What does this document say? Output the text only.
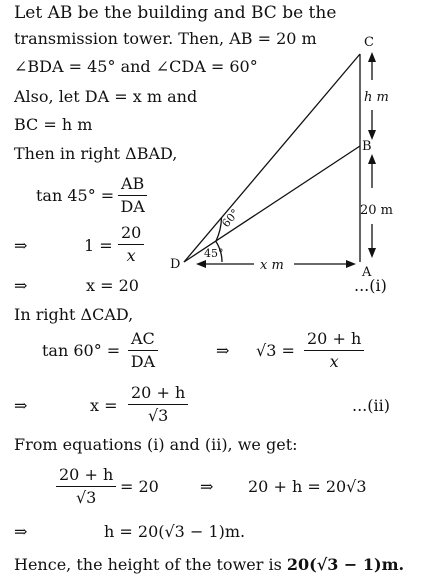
Let AB be the building and BC be the
transmission tower. Then, AB = 20 m
∠BDA = 45° and ∠CDA = 60°
Also, let DA = x m and
BC = h m
Then in right ΔBAD,
$\tan 45^\circ = \frac{AB}{DA}$
⇒	$1 = \frac{20}{x}$
⇒	x = 20	...(i)
In right ΔCAD,
$\tan 60^\circ = \frac{AC}{DA}$	⇒ $√3 = \frac{20 + h}{x}$
⇒	$x = \frac{20 + h}{√3}$	...(ii)
From equations (i) and (ii), we get:
$\frac{20 + h}{√3} = 20$	⇒ 20 + h = 20√3
⇒	h = 20(√3 − 1)m.
Hence, the height of the tower is 20(√3 − 1)m.
C
B
A
D
h m
20 m
x m
60°
45°
